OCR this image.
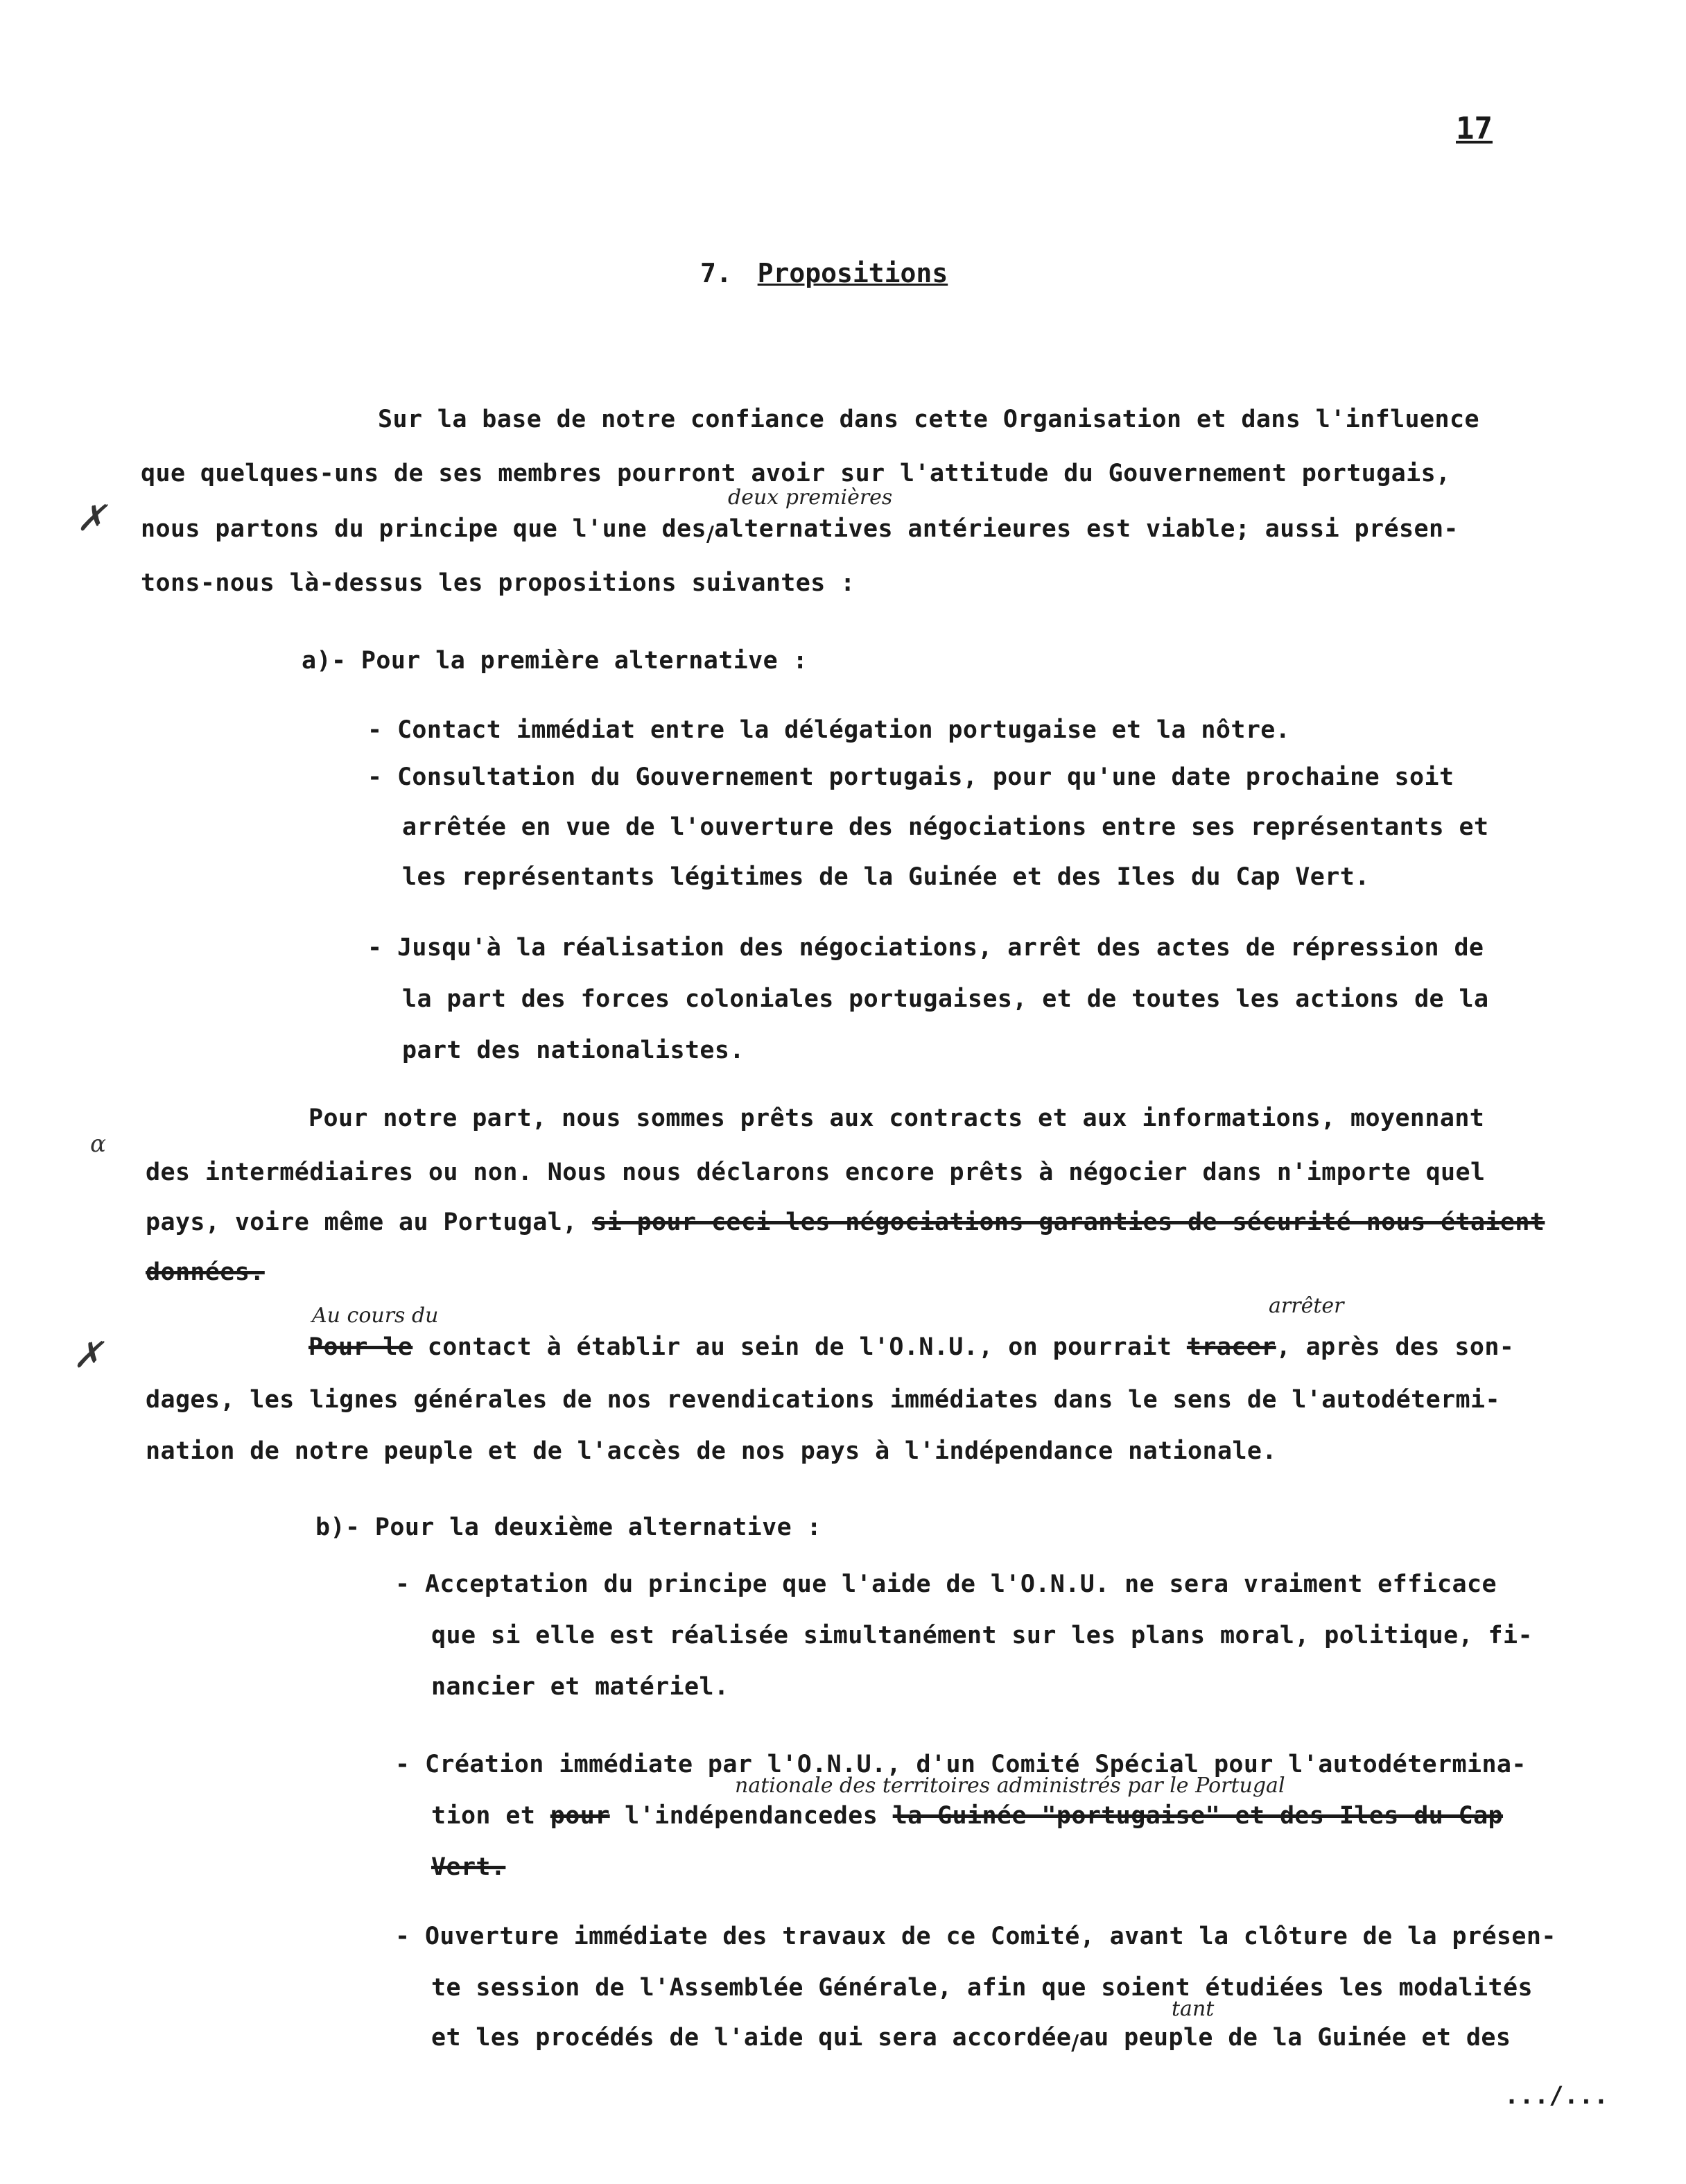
17
7. Propositions
Sur la base de notre confiance dans cette Organisation et dans l'influence
que quelques-uns de ses membres pourront avoir sur l'attitude du Gouvernement portugais,
deux premières
nous partons du principe que l'une des/alternatives antérieures est viable; aussi présen-
tons-nous là-dessus les propositions suivantes :
✗
a)- Pour la première alternative :
- Contact immédiat entre la délégation portugaise et la nôtre.
- Consultation du Gouvernement portugais, pour qu'une date prochaine soit
arrêtée en vue de l'ouverture des négociations entre ses représentants et
les représentants légitimes de la Guinée et des Iles du Cap Vert.
- Jusqu'à la réalisation des négociations, arrêt des actes de répression de
la part des forces coloniales portugaises, et de toutes les actions de la
part des nationalistes.
α
Pour notre part, nous sommes prêts aux contracts et aux informations, moyennant
des intermédiaires ou non. Nous nous déclarons encore prêts à négocier dans n'importe quel
pays, voire même au Portugal, si pour ceci les négociations garanties de sécurité nous étaient
données.
✗
Au cours du	arrêter
Pour le contact à établir au sein de l'O.N.U., on pourrait tracer, après des son-
dages, les lignes générales de nos revendications immédiates dans le sens de l'autodétermi-
nation de notre peuple et de l'accès de nos pays à l'indépendance nationale.
b)- Pour la deuxième alternative :
- Acceptation du principe que l'aide de l'O.N.U. ne sera vraiment efficace
que si elle est réalisée simultanément sur les plans moral, politique, fi-
nancier et matériel.
- Création immédiate par l'O.N.U., d'un Comité Spécial pour l'autodétermina-
nationale des territoires administrés par le Portugal
tion et pour l'indépendancedes la Guinée "portugaise" et des Iles du Cap
Vert.
- Ouverture immédiate des travaux de ce Comité, avant la clôture de la présen-
te session de l'Assemblée Générale, afin que soient étudiées les modalités
tant
et les procédés de l'aide qui sera accordée/au peuple de la Guinée et des
.../...
